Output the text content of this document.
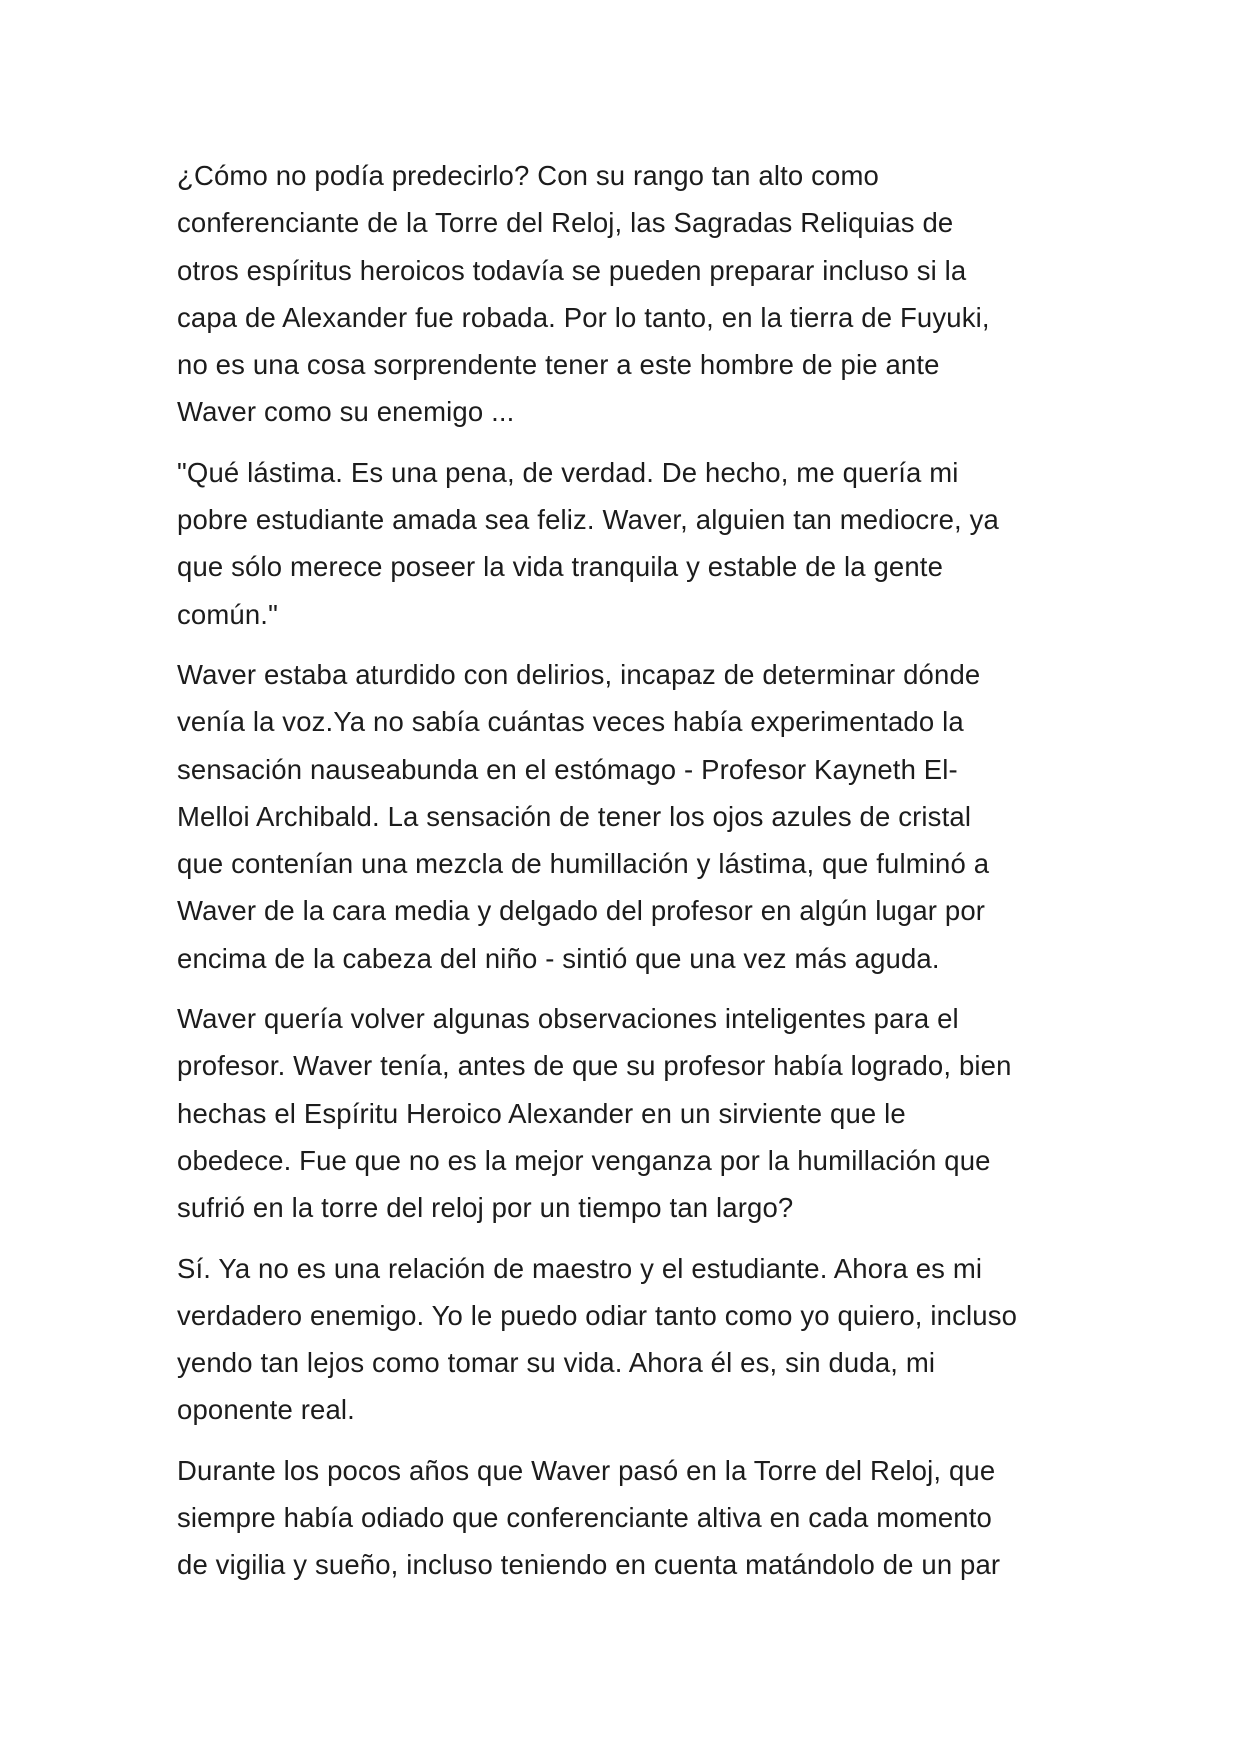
¿Cómo no podía predecirlo? Con su rango tan alto como
conferenciante de la Torre del Reloj, las Sagradas Reliquias de
otros espíritus heroicos todavía se pueden preparar incluso si la
capa de Alexander fue robada. Por lo tanto, en la tierra de Fuyuki,
no es una cosa sorprendente tener a este hombre de pie ante
Waver como su enemigo ...

"Qué lástima. Es una pena, de verdad. De hecho, me quería mi
pobre estudiante amada sea feliz. Waver, alguien tan mediocre, ya
que sólo merece poseer la vida tranquila y estable de la gente
común."

Waver estaba aturdido con delirios, incapaz de determinar dónde
venía la voz.Ya no sabía cuántas veces había experimentado la
sensación nauseabunda en el estómago - Profesor Kayneth El-
Melloi Archibald. La sensación de tener los ojos azules de cristal
que contenían una mezcla de humillación y lástima, que fulminó a
Waver de la cara media y delgado del profesor en algún lugar por
encima de la cabeza del niño - sintió que una vez más aguda.

Waver quería volver algunas observaciones inteligentes para el
profesor. Waver tenía, antes de que su profesor había logrado, bien
hechas el Espíritu Heroico Alexander en un sirviente que le
obedece. Fue que no es la mejor venganza por la humillación que
sufrió en la torre del reloj por un tiempo tan largo?

Sí. Ya no es una relación de maestro y el estudiante. Ahora es mi
verdadero enemigo. Yo le puedo odiar tanto como yo quiero, incluso
yendo tan lejos como tomar su vida. Ahora él es, sin duda, mi
oponente real.

Durante los pocos años que Waver pasó en la Torre del Reloj, que
siempre había odiado que conferenciante altiva en cada momento
de vigilia y sueño, incluso teniendo en cuenta matándolo de un par
